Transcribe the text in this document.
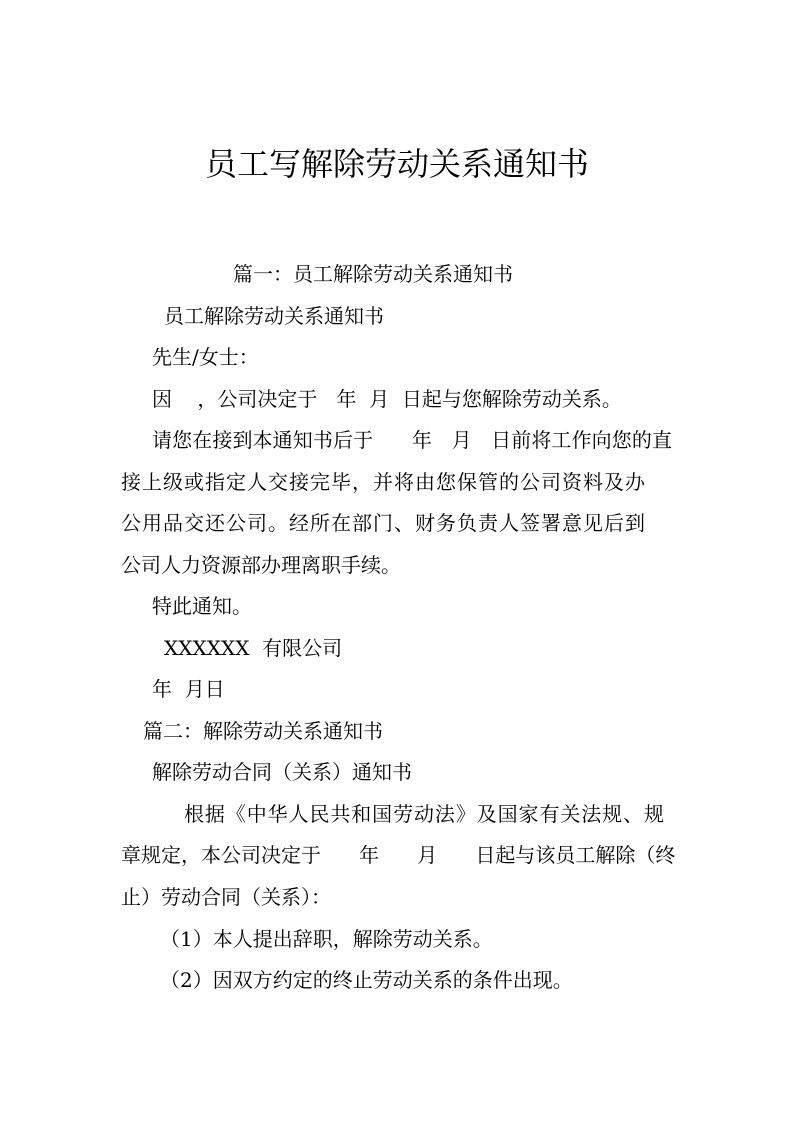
员工写解除劳动关系通知书
篇一：员工解除劳动关系通知书
员工解除劳动关系通知书
先生/女士：
因    ，公司决定于   年  月  日起与您解除劳动关系。
请您在接到本通知书后于      年   月   日前将工作向您的直
接上级或指定人交接完毕，并将由您保管的公司资料及办
公用品交还公司。经所在部门、财务负责人签署意见后到
公司人力资源部办理离职手续。
特此通知。
XXXXXX  有限公司
年  月日
篇二：解除劳动关系通知书
解除劳动合同（关系）通知书
根据《中华人民共和国劳动法》及国家有关法规、规
章规定，本公司决定于      年      月      日起与该员工解除（终
止）劳动合同（关系）：
（1）本人提出辞职，解除劳动关系。
（2）因双方约定的终止劳动关系的条件出现。
